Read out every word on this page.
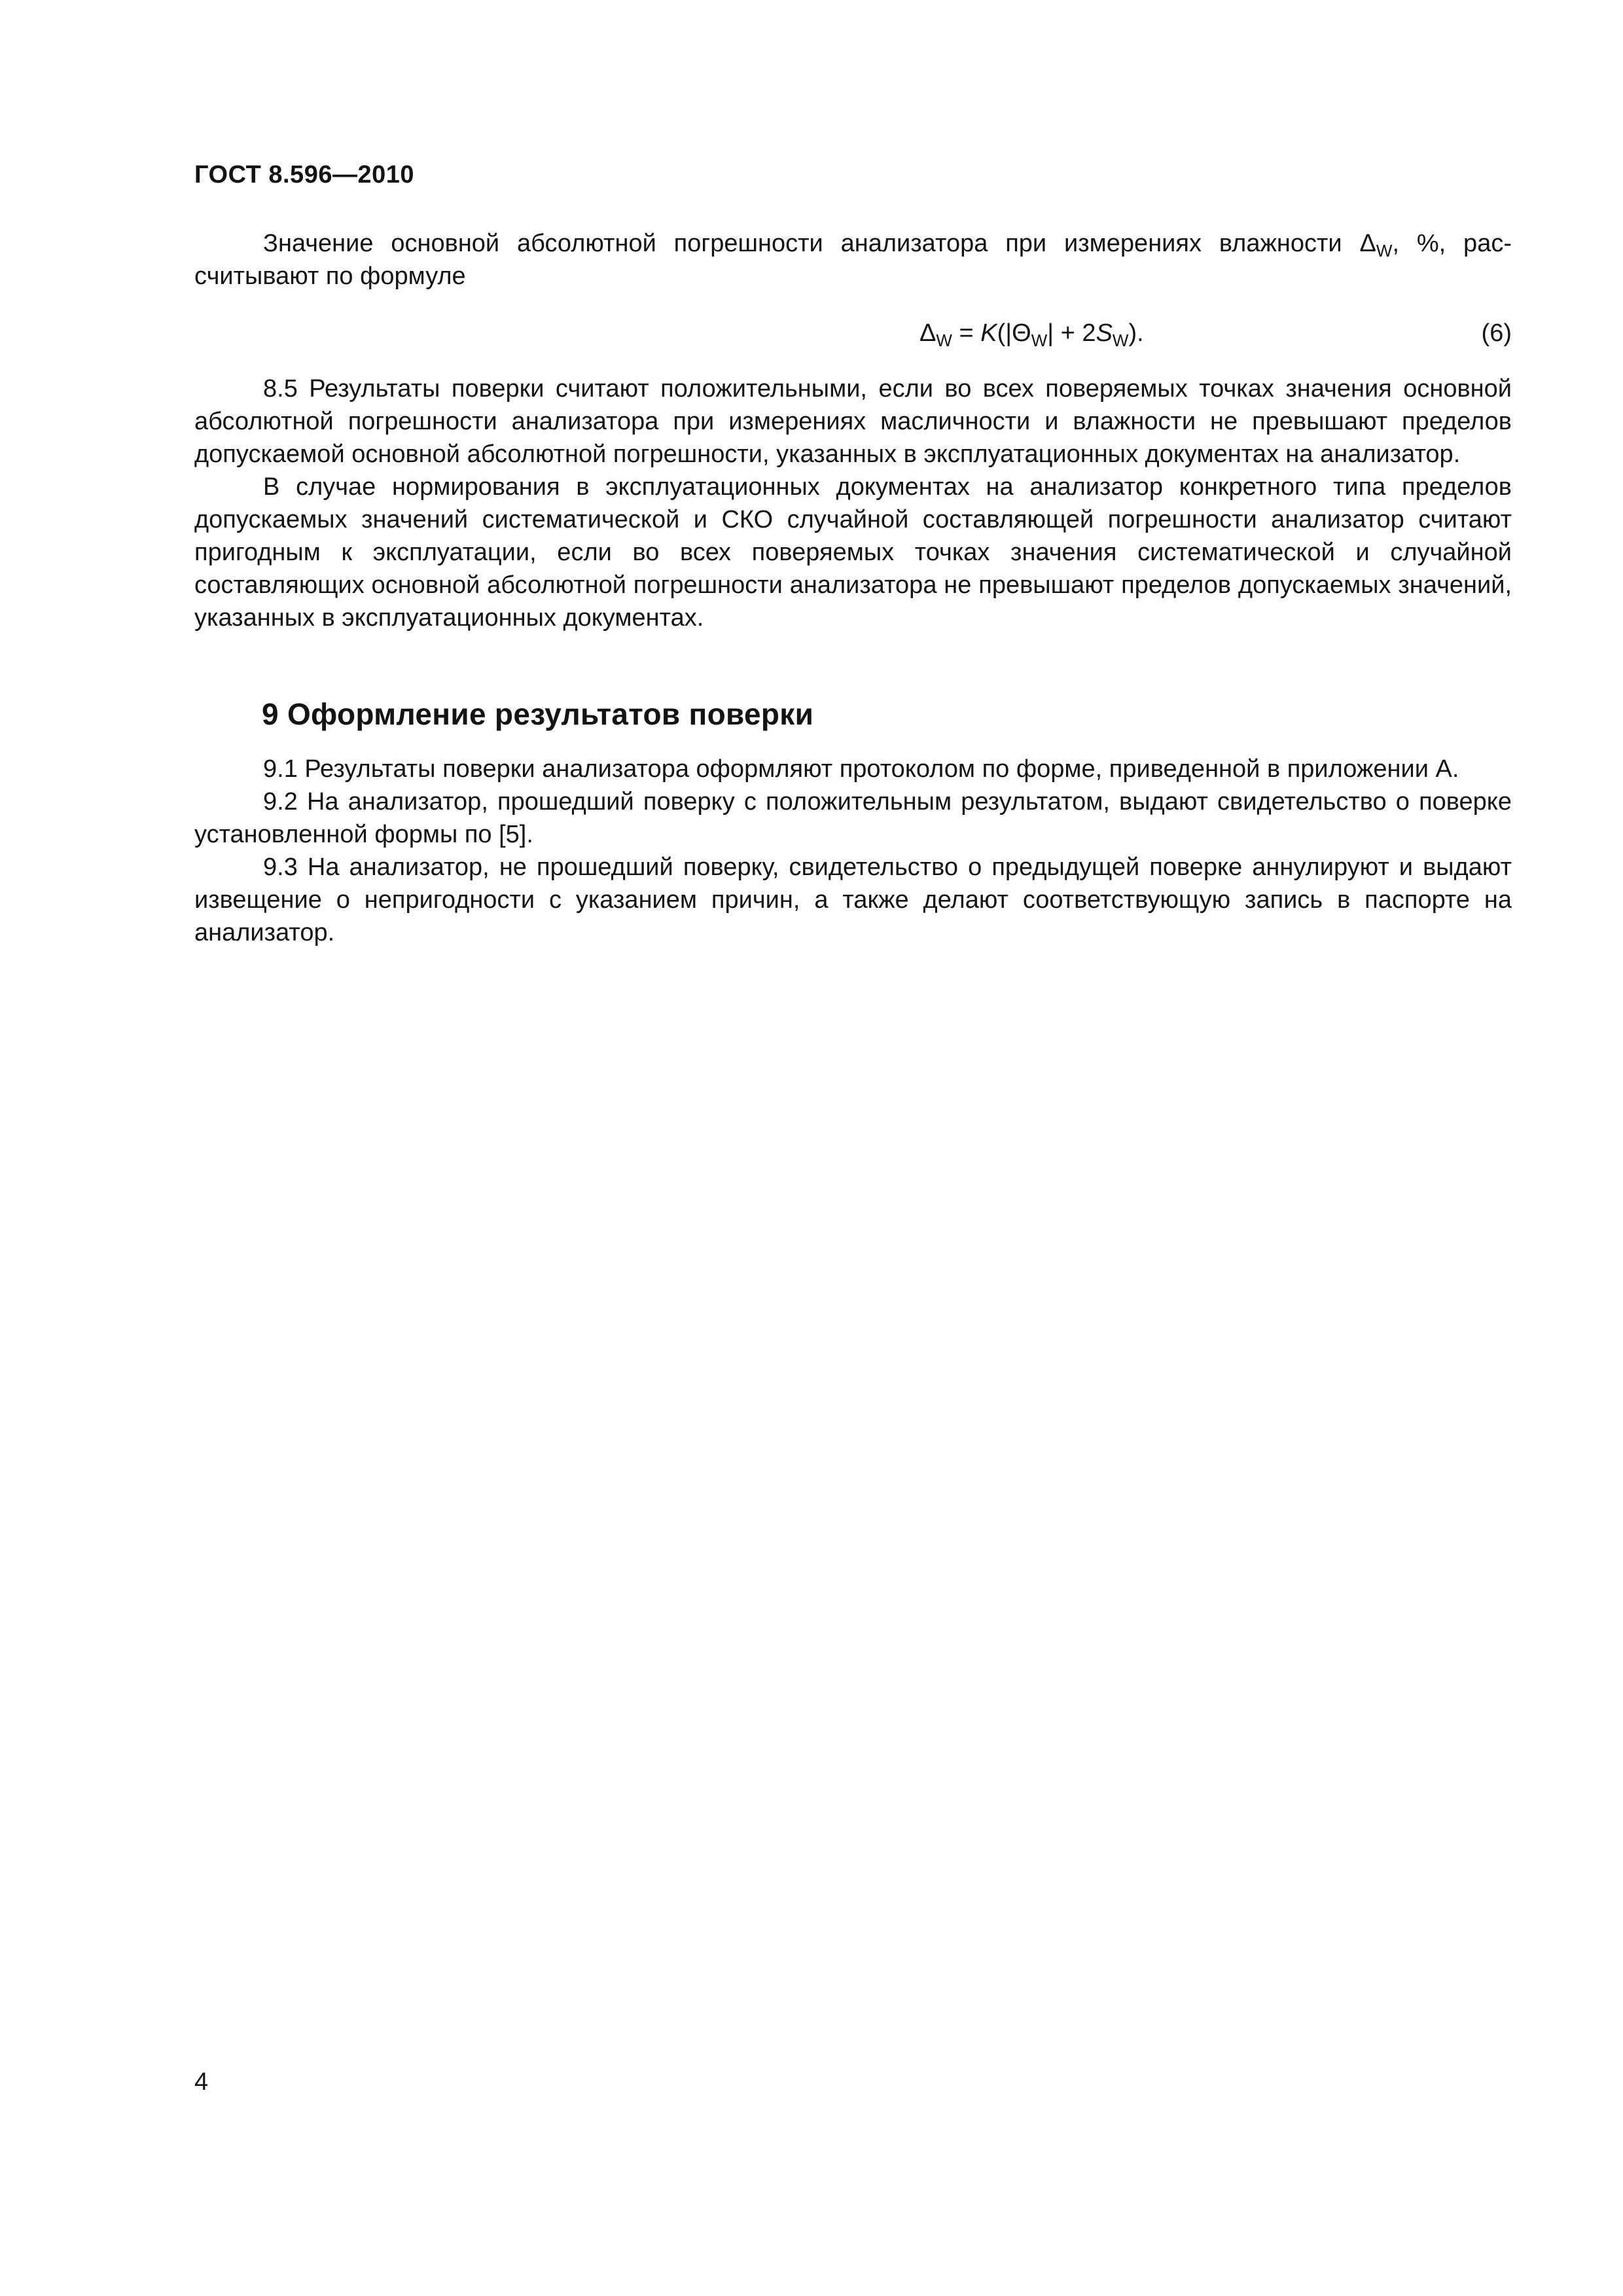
ГОСТ 8.596—2010

Значение основной абсолютной погрешности анализатора при измерениях влажности $\Delta_W$, %, рассчитывают по формуле

$\Delta_W = K(|\Theta_W| + 2S_W)$.	(6)

8.5 Результаты поверки считают положительными, если во всех поверяемых точках значения основной абсолютной погрешности анализатора при измерениях масличности и влажности не превышают пределов допускаемой основной абсолютной погрешности, указанных в эксплуатационных документах на анализатор.

В случае нормирования в эксплуатационных документах на анализатор конкретного типа пределов допускаемых значений систематической и СКО случайной составляющей погрешности анализатор считают пригодным к эксплуатации, если во всех поверяемых точках значения систематической и случайной составляющих основной абсолютной погрешности анализатора не превышают пределов допускаемых значений, указанных в эксплуатационных документах.

9 Оформление результатов поверки

9.1 Результаты поверки анализатора оформляют протоколом по форме, приведенной в приложении А.

9.2 На анализатор, прошедший поверку с положительным результатом, выдают свидетельство о поверке установленной формы по [5].

9.3 На анализатор, не прошедший поверку, свидетельство о предыдущей поверке аннулируют и выдают извещение о непригодности с указанием причин, а также делают соответствующую запись в паспорте на анализатор.

4
